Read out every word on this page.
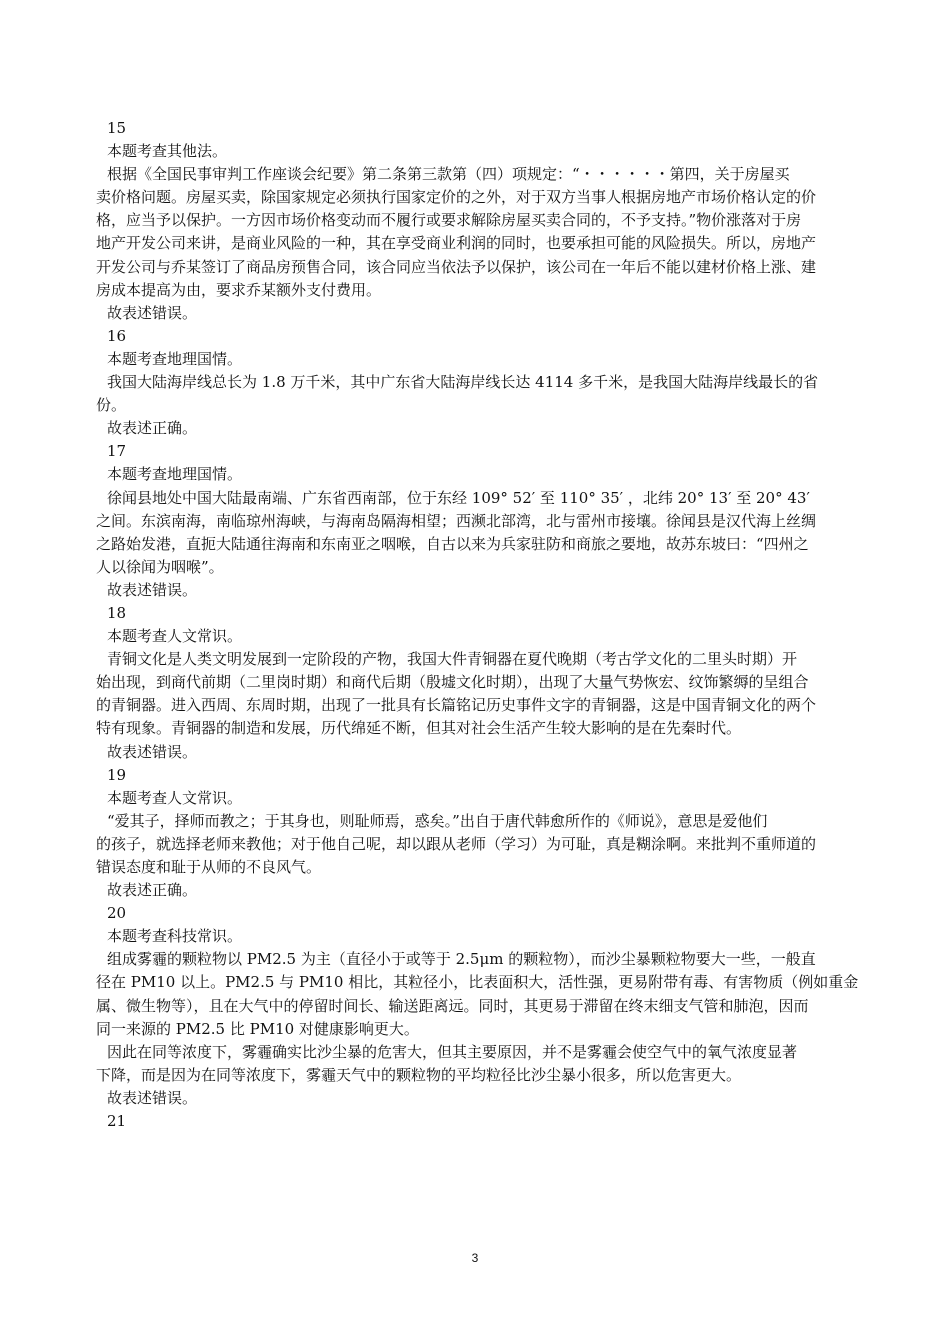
15
本题考查其他法。
根据《全国民事审判工作座谈会纪要》第二条第三款第（四）项规定：“・・・・・・第四，关于房屋买
卖价格问题。房屋买卖，除国家规定必须执行国家定价的之外，对于双方当事人根据房地产市场价格认定的价
格，应当予以保护。一方因市场价格变动而不履行或要求解除房屋买卖合同的，不予支持。”物价涨落对于房
地产开发公司来讲，是商业风险的一种，其在享受商业利润的同时，也要承担可能的风险损失。所以，房地产
开发公司与乔某签订了商品房预售合同，该合同应当依法予以保护，该公司在一年后不能以建材价格上涨、建
房成本提高为由，要求乔某额外支付费用。
故表述错误。
16
本题考查地理国情。
我国大陆海岸线总长为 1.8 万千米，其中广东省大陆海岸线长达 4114 多千米，是我国大陆海岸线最长的省
份。
故表述正确。
17
本题考查地理国情。
徐闻县地处中国大陆最南端、广东省西南部，位于东经 109° 52′ 至 110° 35′ ，北纬 20° 13′ 至 20° 43′
之间。东滨南海，南临琼州海峡，与海南岛隔海相望；西濒北部湾，北与雷州市接壤。徐闻县是汉代海上丝绸
之路始发港，直扼大陆通往海南和东南亚之咽喉，自古以来为兵家驻防和商旅之要地，故苏东坡曰：“四州之
人以徐闻为咽喉”。
故表述错误。
18
本题考查人文常识。
青铜文化是人类文明发展到一定阶段的产物，我国大件青铜器在夏代晚期（考古学文化的二里头时期）开
始出现，到商代前期（二里岗时期）和商代后期（殷墟文化时期），出现了大量气势恢宏、纹饰繁缛的呈组合
的青铜器。进入西周、东周时期，出现了一批具有长篇铭记历史事件文字的青铜器，这是中国青铜文化的两个
特有现象。青铜器的制造和发展，历代绵延不断，但其对社会生活产生较大影响的是在先秦时代。
故表述错误。
19
本题考查人文常识。
“爱其子，择师而教之；于其身也，则耻师焉，惑矣。”出自于唐代韩愈所作的《师说》，意思是爱他们
的孩子，就选择老师来教他；对于他自己呢，却以跟从老师（学习）为可耻，真是糊涂啊。来批判不重师道的
错误态度和耻于从师的不良风气。
故表述正确。
20
本题考查科技常识。
组成雾霾的颗粒物以 PM2.5 为主（直径小于或等于 2.5μm 的颗粒物），而沙尘暴颗粒物要大一些，一般直
径在 PM10 以上。PM2.5 与 PM10 相比，其粒径小，比表面积大，活性强，更易附带有毒、有害物质（例如重金
属、微生物等），且在大气中的停留时间长、输送距离远。同时，其更易于滞留在终末细支气管和肺泡，因而
同一来源的 PM2.5 比 PM10 对健康影响更大。
因此在同等浓度下，雾霾确实比沙尘暴的危害大，但其主要原因，并不是雾霾会使空气中的氧气浓度显著
下降，而是因为在同等浓度下，雾霾天气中的颗粒物的平均粒径比沙尘暴小很多，所以危害更大。
故表述错误。
21
3
